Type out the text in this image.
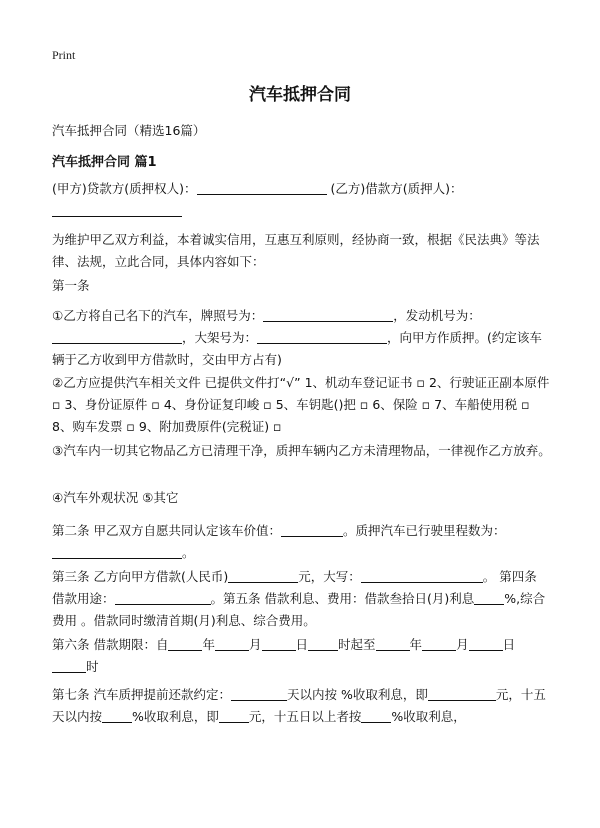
Print
汽车抵押合同
汽车抵押合同（精选16篇）
汽车抵押合同 篇1
(甲方)贷款方(质押权人)：	(乙方)借款方(质押人)：

为维护甲乙双方利益，本着诚实信用，互惠互利原则，经协商一致，根据《民法典》等法律、法规，立此合同，具体内容如下：
第一条
①乙方将自己名下的汽车，牌照号为：	，发动机号为：
，大架号为：	，向甲方作质押。(约定该车辆于乙方收到甲方借款时，交由甲方占有)
②乙方应提供汽车相关文件 已提供文件打“√” 1、机动车登记证书 ▫ 2、行驶证正副本原件 ▫ 3、身份证原件 ▫ 4、身份证复印峻 ▫ 5、车钥匙()把 ▫ 6、保险 ▫ 7、车船使用税 ▫ 8、购车发票 ▫ 9、附加费原件(完税证) ▫
③汽车内一切其它物品乙方已清理干净，质押车辆内乙方未清理物品，一律视作乙方放弃。
④汽车外观状况 ⑤其它
第二条 甲乙双方自愿共同认定该车价值：	。质押汽车已行驶里程数为：
。
第三条 乙方向甲方借款(人民币)	元，大写：	。 第四条 借款用途：	。第五条 借款利息、费用：借款叁拾日(月)利息 %,综合费用 。借款同时缴清首期(月)利息、综合费用。
第六条 借款期限：自	年	月	日 时起至	年	月	日
时
第七条 汽车质押提前还款约定：	天以内按 %收取利息，即	元，十五天以内按 %收取利息，即 元，十五日以上者按 %收取利息，
